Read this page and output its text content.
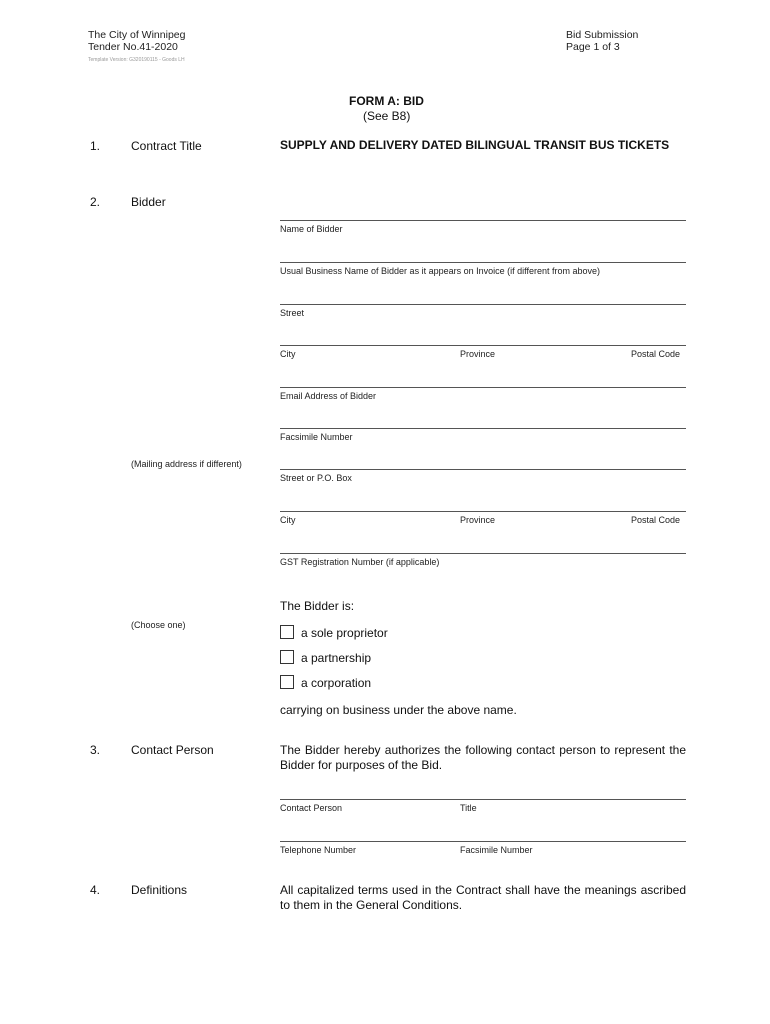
The City of Winnipeg
Tender No.41-2020
Template Version: G320190115 - Goods LH
Bid Submission
Page 1 of 3
FORM A: BID
(See B8)
1.	Contract Title	SUPPLY AND DELIVERY DATED BILINGUAL TRANSIT BUS TICKETS
2.	Bidder
Name of Bidder
Usual Business Name of Bidder as it appears on Invoice (if different from above)
Street
City	Province	Postal Code
Email Address of Bidder
Facsimile Number
(Mailing address if different)
Street or P.O. Box
City	Province	Postal Code
GST Registration Number (if applicable)
The Bidder is:
(Choose one)
a sole proprietor
a partnership
a corporation
carrying on business under the above name.
3.	Contact Person	The Bidder hereby authorizes the following contact person to represent the Bidder for purposes of the Bid.
Contact Person	Title
Telephone Number	Facsimile Number
4.	Definitions	All capitalized terms used in the Contract shall have the meanings ascribed to them in the General Conditions.
